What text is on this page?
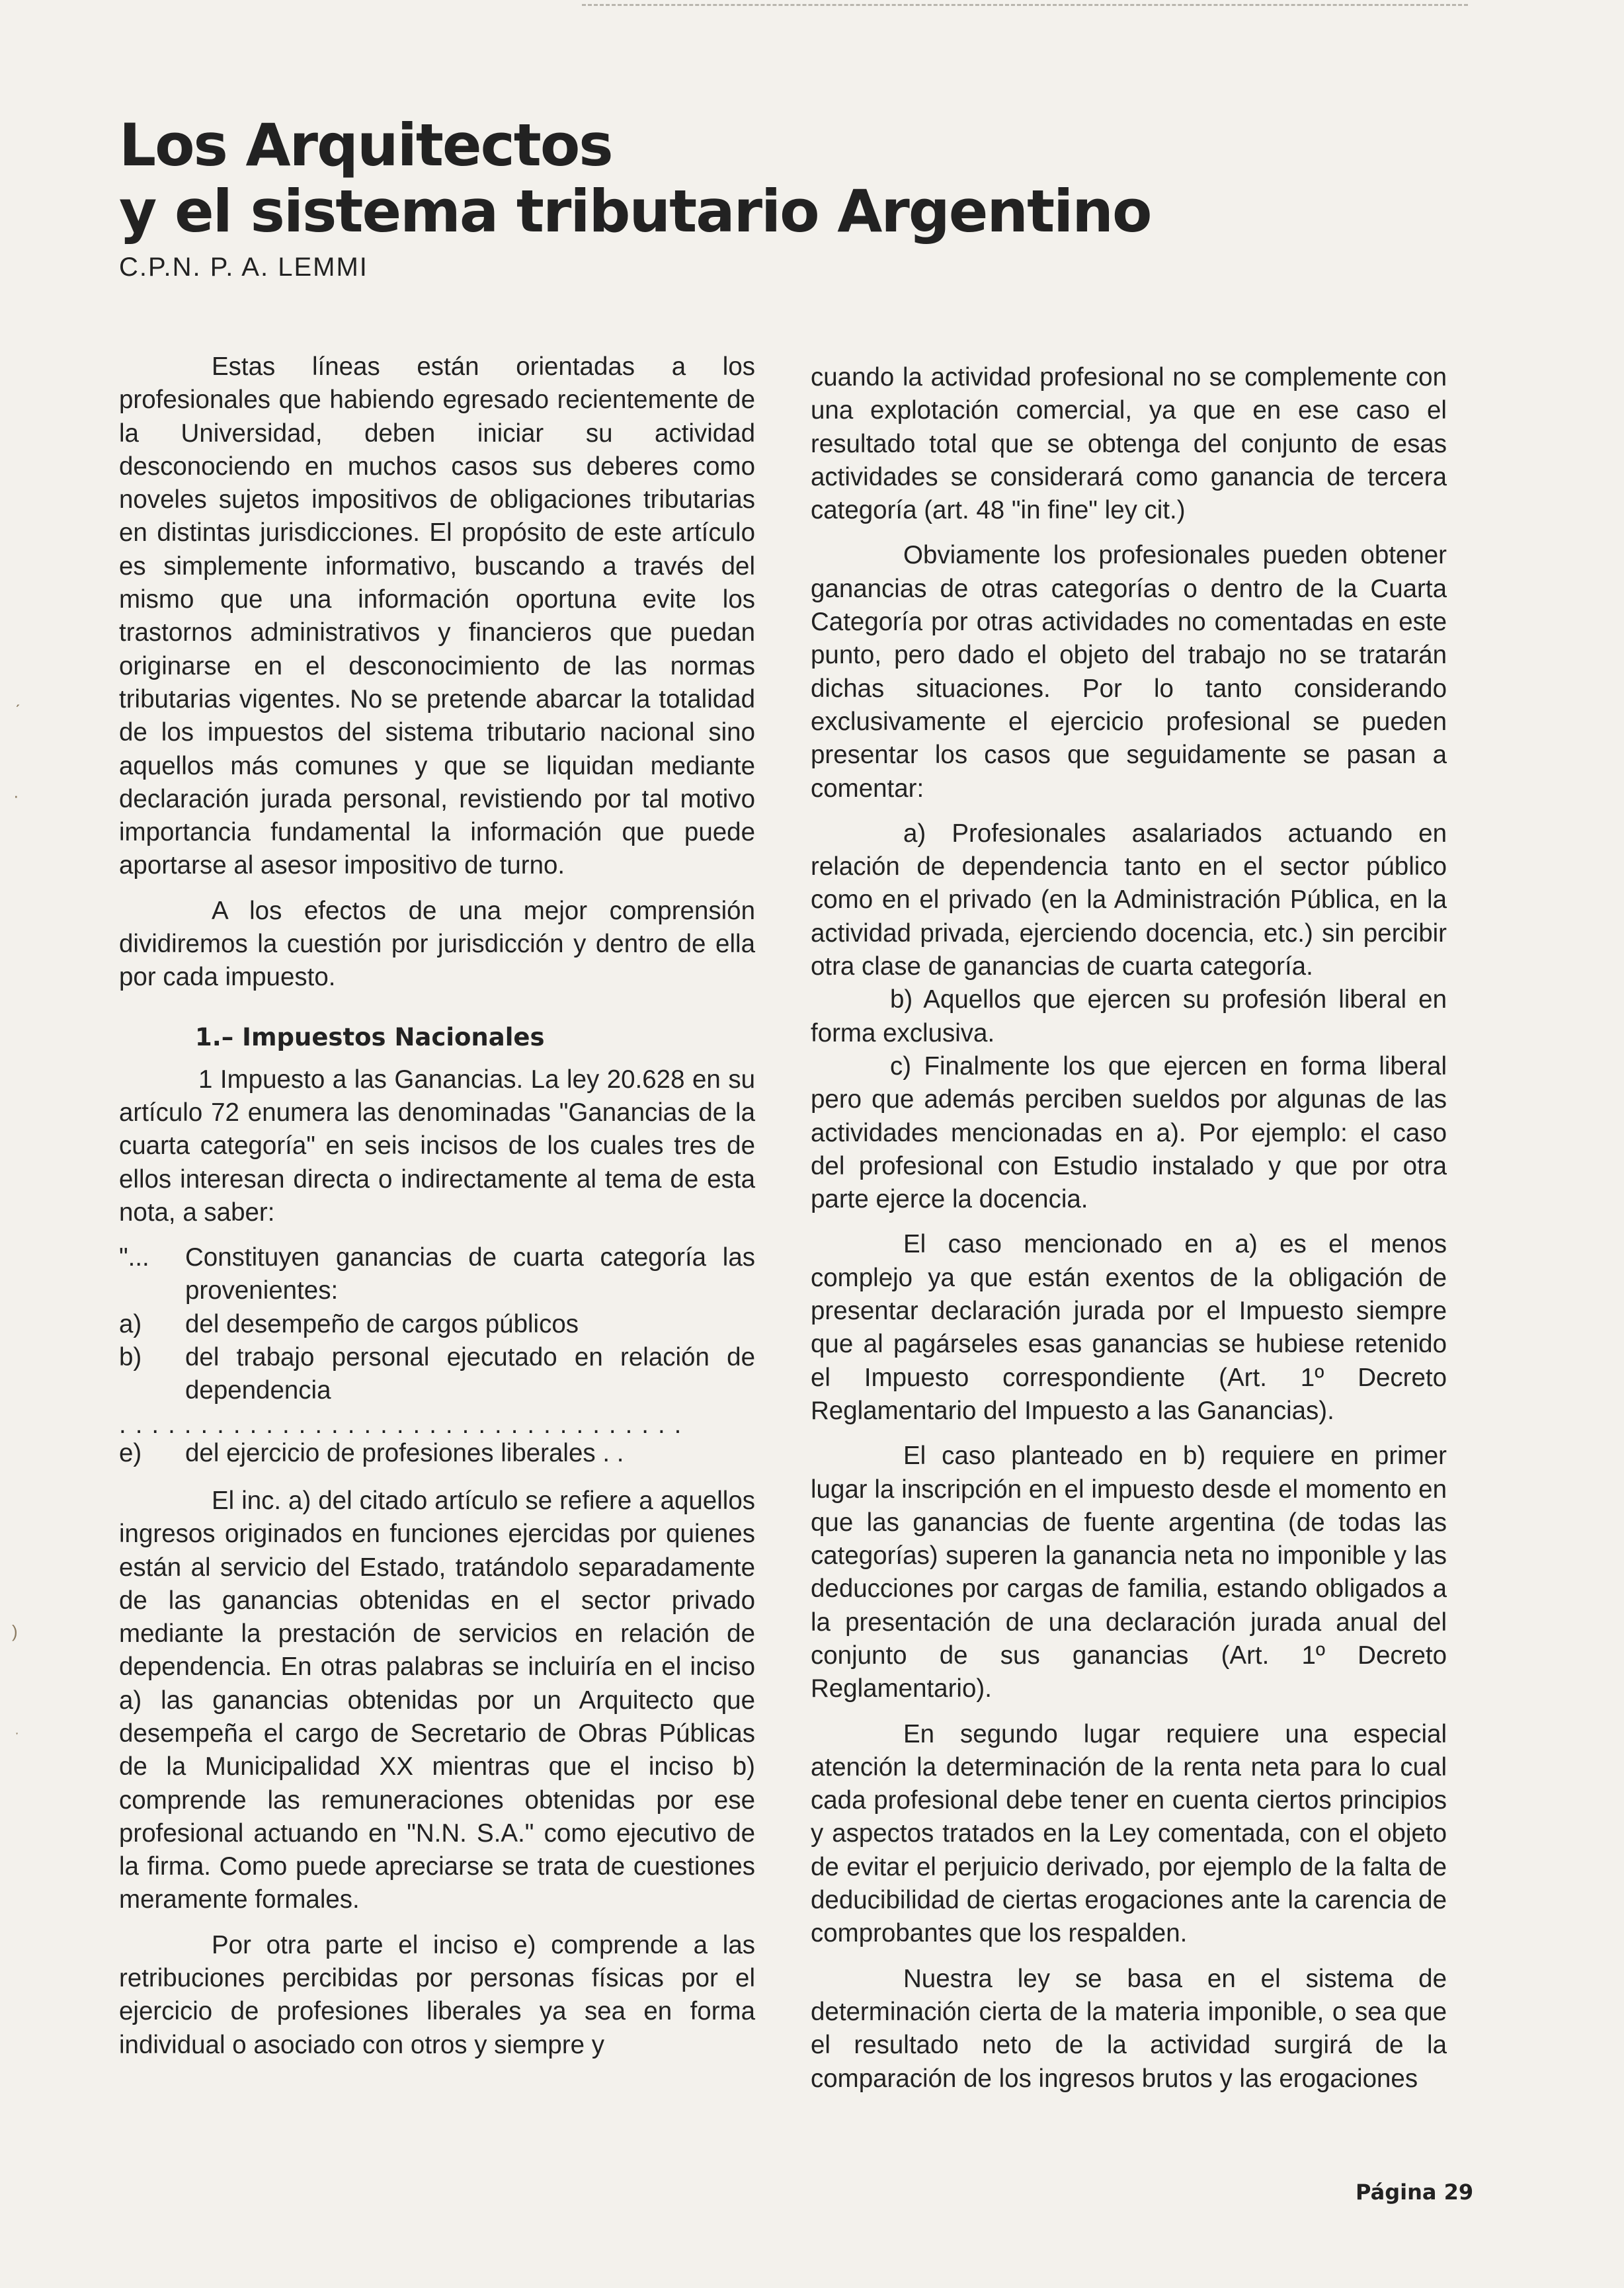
Los Arquitectos
y el sistema tributario Argentino
C.P.N. P. A. LEMMI

Estas líneas están orientadas a los profesionales que habiendo egresado recientemente de la Universidad, deben iniciar su actividad desconociendo en muchos casos sus deberes como noveles sujetos impositivos de obligaciones tributarias en distintas jurisdicciones. El propósito de este artículo es simplemente informativo, buscando a través del mismo que una información oportuna evite los trastornos administrativos y financieros que puedan originarse en el desconocimiento de las normas tributarias vigentes. No se pretende abarcar la totalidad de los impuestos del sistema tributario nacional sino aquellos más comunes y que se liquidan mediante declaración jurada personal, revistiendo por tal motivo importancia fundamental la información que puede aportarse al asesor impositivo de turno.

A los efectos de una mejor comprensión dividiremos la cuestión por jurisdicción y dentro de ella por cada impuesto.

1.– Impuestos Nacionales

1 Impuesto a las Ganancias. La ley 20.628 en su artículo 72 enumera las denominadas "Ganancias de la cuarta categoría" en seis incisos de los cuales tres de ellos interesan directa o indirectamente al tema de esta nota, a saber:

"...	Constituyen ganancias de cuarta categoría las provenientes:
a)	del desempeño de cargos públicos
b)	del trabajo personal ejecutado en relación de dependencia
...................................
e)	del ejercicio de profesiones liberales . .

El inc. a) del citado artículo se refiere a aquellos ingresos originados en funciones ejercidas por quienes están al servicio del Estado, tratándolo separadamente de las ganancias obtenidas en el sector privado mediante la prestación de servicios en relación de dependencia. En otras palabras se incluiría en el inciso a) las ganancias obtenidas por un Arquitecto que desempeña el cargo de Secretario de Obras Públicas de la Municipalidad XX mientras que el inciso b) comprende las remuneraciones obtenidas por ese profesional actuando en "N.N. S.A." como ejecutivo de la firma. Como puede apreciarse se trata de cuestiones meramente formales.

Por otra parte el inciso e) comprende a las retribuciones percibidas por personas físicas por el ejercicio de profesiones liberales ya sea en forma individual o asociado con otros y siempre y

cuando la actividad profesional no se complemente con una explotación comercial, ya que en ese caso el resultado total que se obtenga del conjunto de esas actividades se considerará como ganancia de tercera categoría (art. 48 "in fine" ley cit.)

Obviamente los profesionales pueden obtener ganancias de otras categorías o dentro de la Cuarta Categoría por otras actividades no comentadas en este punto, pero dado el objeto del trabajo no se tratarán dichas situaciones. Por lo tanto considerando exclusivamente el ejercicio profesional se pueden presentar los casos que seguidamente se pasan a comentar:

a) Profesionales asalariados actuando en relación de dependencia tanto en el sector público como en el privado (en la Administración Pública, en la actividad privada, ejerciendo docencia, etc.) sin percibir otra clase de ganancias de cuarta categoría.

b) Aquellos que ejercen su profesión liberal en forma exclusiva.

c) Finalmente los que ejercen en forma liberal pero que además perciben sueldos por algunas de las actividades mencionadas en a). Por ejemplo: el caso del profesional con Estudio instalado y que por otra parte ejerce la docencia.

El caso mencionado en a) es el menos complejo ya que están exentos de la obligación de presentar declaración jurada por el Impuesto siempre que al pagárseles esas ganancias se hubiese retenido el Impuesto correspondiente (Art. 1º Decreto Reglamentario del Impuesto a las Ganancias).

El caso planteado en b) requiere en primer lugar la inscripción en el impuesto desde el momento en que las ganancias de fuente argentina (de todas las categorías) superen la ganancia neta no imponible y las deducciones por cargas de familia, estando obligados a la presentación de una declaración jurada anual del conjunto de sus ganancias (Art. 1º Decreto Reglamentario).

En segundo lugar requiere una especial atención la determinación de la renta neta para lo cual cada profesional debe tener en cuenta ciertos principios y aspectos tratados en la Ley comentada, con el objeto de evitar el perjuicio derivado, por ejemplo de la falta de deducibilidad de ciertas erogaciones ante la carencia de comprobantes que los respalden.

Nuestra ley se basa en el sistema de determinación cierta de la materia imponible, o sea que el resultado neto de la actividad surgirá de la comparación de los ingresos brutos y las erogaciones

ˏ
·
)
ˑ
Página 29
